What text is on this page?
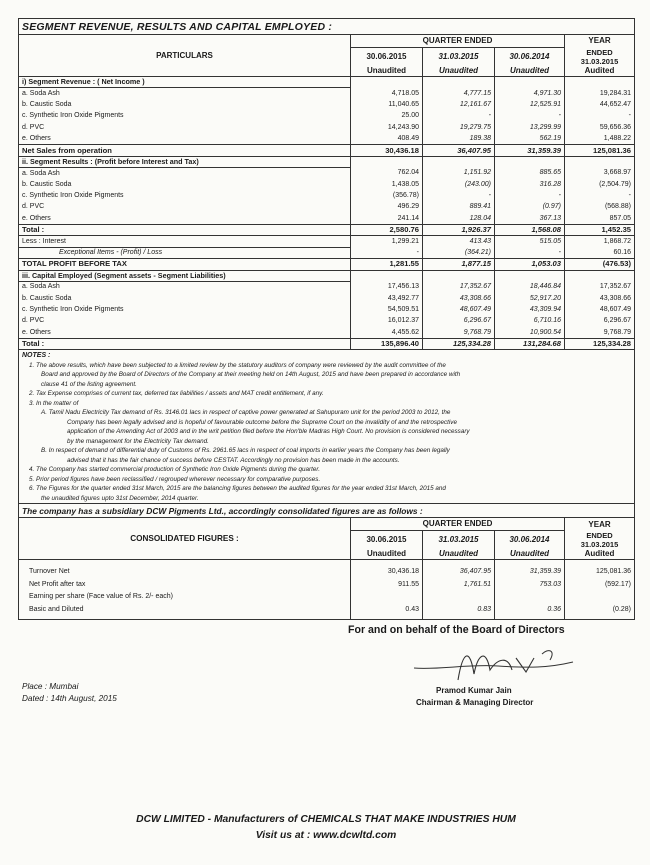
SEGMENT REVENUE, RESULTS AND CAPITAL EMPLOYED :				
PARTICULARS	QUARTER ENDED			YEAR
	30.06.2015	31.03.2015	30.06.2014	ENDED
31.03.2015

	Unaudited	Unaudited	Unaudited	Audited
i) Segment Revenue : ( Net Income )				
a. Soda Ash	4,718.05	4,777.15	4,971.30	19,284.31
b. Caustic Soda	11,040.65	12,161.67	12,525.91	44,652.47
c. Synthetic Iron Oxide Pigments	25.00	-	-	-
d. PVC	14,243.90	19,279.75	13,299.99	59,656.36
e. Others	408.49	189.38	562.19	1,488.22
Net Sales from operation	30,436.18	36,407.95	31,359.39	125,081.36
ii. Segment Results : (Profit before Interest and Tax)				
a. Soda Ash	762.04	1,151.92	885.65	3,668.97
b. Caustic Soda	1,438.05	(243.00)	316.28	(2,504.79)
c. Synthetic Iron Oxide Pigments	(356.78)	-	-	-
d. PVC	496.29	889.41	(0.97)	(568.88)
e. Others	241.14	128.04	367.13	857.05
Total :	2,580.76	1,926.37	1,568.08	1,452.35
Less : Interest	1,299.21	413.43	515.05	1,868.72
Exceptional Items - (Profit) / Loss	-	(364.21)	-	60.16
TOTAL PROFIT BEFORE TAX	1,281.55	1,877.15	1,053.03	(476.53)
iii. Capital Employed (Segment assets - Segment Liabilities)				
a. Soda Ash	17,456.13	17,352.67	18,446.84	17,352.67
b. Caustic Soda	43,492.77	43,308.66	52,917.20	43,308.66
c. Synthetic Iron Oxide Pigments	54,509.51	48,607.49	43,309.94	48,607.49
d. PVC	16,012.37	6,296.67	6,710.16	6,296.67
e. Others	4,455.62	9,768.79	10,900.54	9,768.79
Total :	135,896.40	125,334.28	131,284.68	125,334.28
NOTES :				
1. The above results, which have been subjected to a limited review by the statutory auditors of company were reviewed by the audit committee of the				
Board and approved by the Board of Directors of the Company at their meeting held on 14th August, 2015 and have been prepared in accordance with				
clause 41 of the listing agreement.				
2. Tax Expense comprises of current tax, deferred tax liabilities / assets and MAT credit entitlement, if any.				
3. In the matter of				
A. Tamil Nadu Electricity Tax demand of Rs. 3146.01 lacs in respect of captive power generated at Sahupuram unit for the period 2003 to 2012, the				
Company has been legally advised and is hopeful of favourable outcome before the Supreme Court on the invalidity of and the retrospective				
application of the Amending Act of 2003 and in the writ petition filed before the Hon'ble Madras High Court. No provision is considered necessary				
by the management for the Electricity Tax demand.				
B. In respect of demand of differential duty of Customs of Rs. 2961.65 lacs in respect of coal imports in earlier years the Company has been legally				
advised that it has the fair chance of success before CESTAT. Accordingly no provision has been made in the accounts.				
4. The Company has started commercial production of Synthetic Iron Oxide Pigments during the quarter.				
5. Prior period figures have been reclassified / regrouped wherever necessary for comparative purposes.				
6. The Figures for the quarter ended 31st March, 2015 are the balancing figures between the audited figures for the year ended 31st March, 2015 and				
the unaudited figures upto 31st December, 2014 quarter.				
The company has a subsidiary DCW Pigments Ltd., accordingly consolidated figures are as follows :				
CONSOLIDATED FIGURES :	QUARTER ENDED			YEAR
	30.06.2015	31.03.2015	30.06.2014	ENDED
31.03.2015

	Unaudited	Unaudited	Unaudited	Audited

Turnover Net	30,436.18	36,407.95	31,359.39	125,081.36
Net Profit after tax	911.55	1,761.51	753.03	(592.17)
Earning per share (Face value of Rs. 2/- each)				
Basic and Diluted	0.43	0.83	0.36	(0.28)

For and on behalf of the Board of Directors
Pramod Kumar Jain
Chairman & Managing Director
Place : Mumbai
Dated : 14th August, 2015
DCW LIMITED - Manufacturers of CHEMICALS THAT MAKE INDUSTRIES HUM
Visit us at : www.dcwltd.com
